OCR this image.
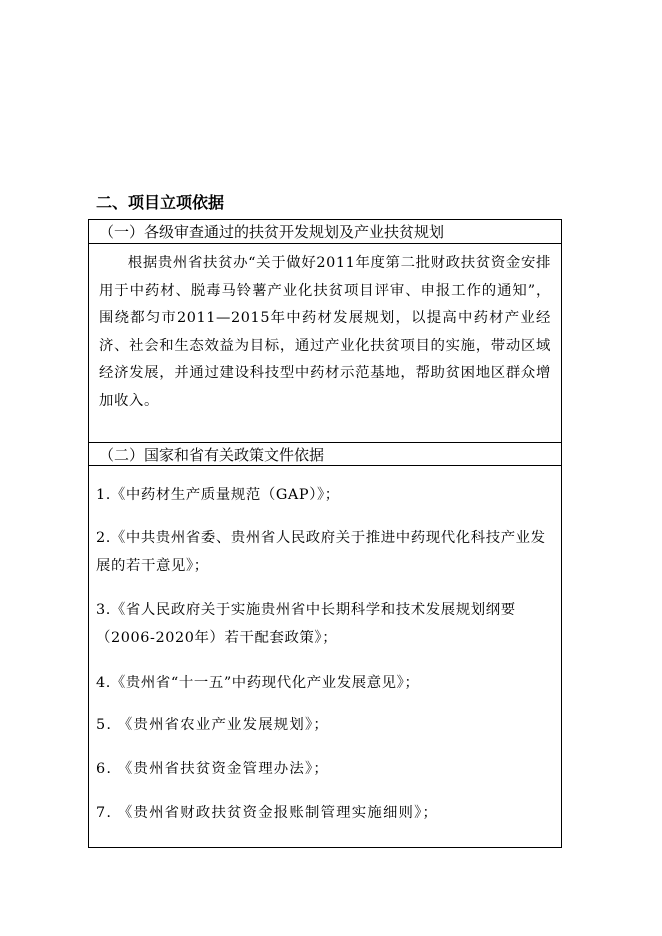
二、项目立项依据
（一）各级审查通过的扶贫开发规划及产业扶贫规划

根据贵州省扶贫办“关于做好2011年度第二批财政扶贫资金安排用于中药材、脱毒马铃薯产业化扶贫项目评审、申报工作的通知”，围绕都匀市2011—2015年中药材发展规划，以提高中药材产业经济、社会和生态效益为目标，通过产业化扶贫项目的实施，带动区域经济发展，并通过建设科技型中药材示范基地，帮助贫困地区群众增加收入。

（二）国家和省有关政策文件依据
1.《中药材生产质量规范（GAP）》；
2.《中共贵州省委、贵州省人民政府关于推进中药现代化科技产业发展的若干意见》；
3.《省人民政府关于实施贵州省中长期科学和技术发展规划纲要（2006-2020年）若干配套政策》；
4.《贵州省“十一五”中药现代化产业发展意见》；
5. 《贵州省农业产业发展规划》；
6. 《贵州省扶贫资金管理办法》；
7. 《贵州省财政扶贫资金报账制管理实施细则》；
